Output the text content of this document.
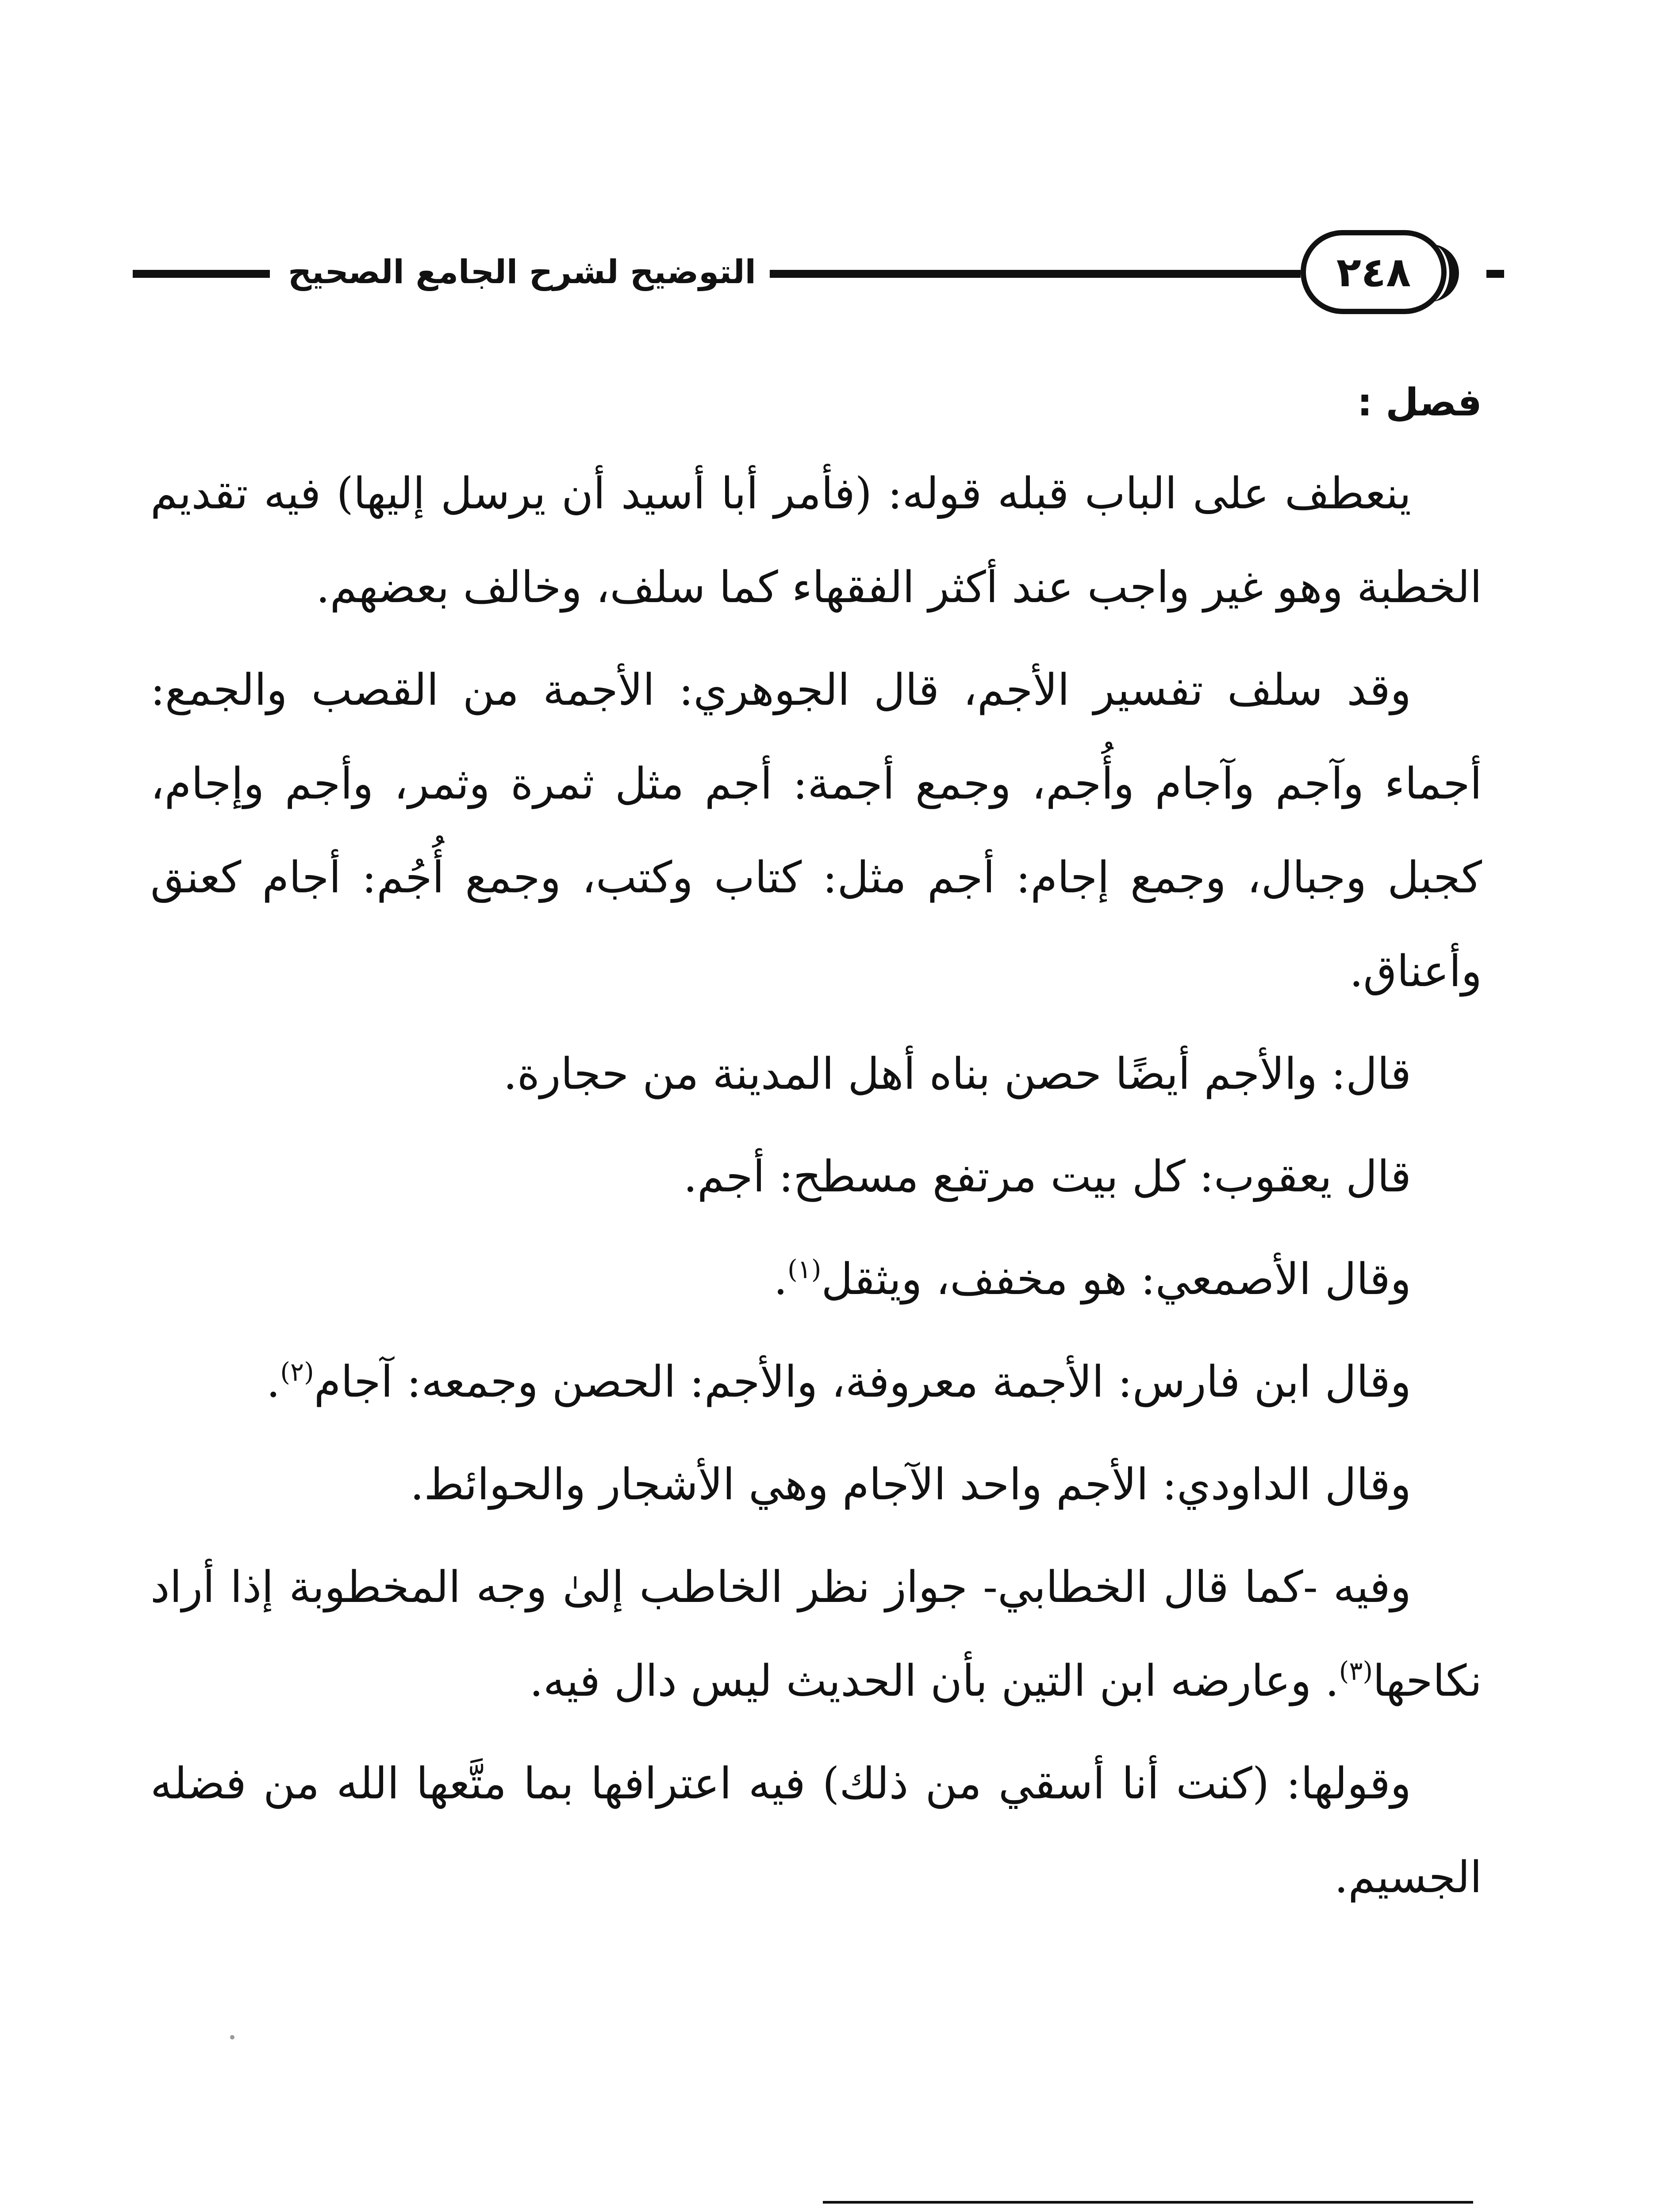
التوضيح لشرح الجامع الصحيح	٢٤٨
فصل :

ينعطف على الباب قبله قوله: (فأمر أبا أسيد أن يرسل إليها) فيه تقديم الخطبة وهو غير واجب عند أكثر الفقهاء كما سلف، وخالف بعضهم.

وقد سلف تفسير الأجم، قال الجوهري: الأجمة من القصب والجمع: أجماء وآجم وآجام وأُجم، وجمع أجمة: أجم مثل ثمرة وثمر، وأجم وإجام، كجبل وجبال، وجمع إجام: أجم مثل: كتاب وكتب، وجمع أُجُم: أجام كعنق وأعناق.

قال: والأجم أيضًا حصن بناه أهل المدينة من حجارة.

قال يعقوب: كل بيت مرتفع مسطح: أجم.

وقال الأصمعي: هو مخفف، ويثقل$^{(١)}$.

وقال ابن فارس: الأجمة معروفة، والأجم: الحصن وجمعه: آجام$^{(٢)}$.

وقال الداودي: الأجم واحد الآجام وهي الأشجار والحوائط.

وفيه -كما قال الخطابي- جواز نظر الخاطب إلىٰ وجه المخطوبة إذا أراد نكاحها$^{(٣)}$. وعارضه ابن التين بأن الحديث ليس دال فيه.

وقولها: (كنت أنا أسقي من ذلك) فيه اعترافها بما متَّعها الله من فضله الجسيم.
